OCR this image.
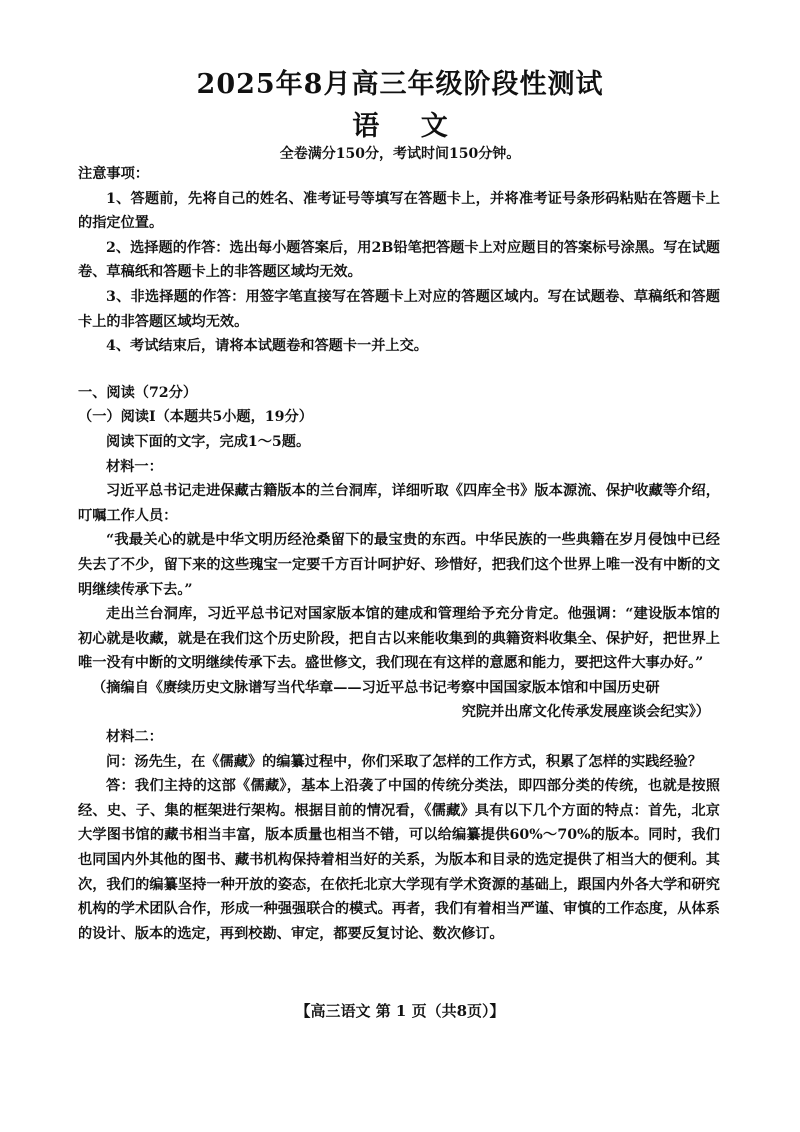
2025年8月高三年级阶段性测试
语 文
全卷满分150分，考试时间150分钟。

注意事项：

1、答题前，先将自己的姓名、准考证号等填写在答题卡上，并将准考证号条形码粘贴在答题卡上的指定位置。

2、选择题的作答：选出每小题答案后，用2B铅笔把答题卡上对应题目的答案标号涂黑。写在试题卷、草稿纸和答题卡上的非答题区域均无效。

3、非选择题的作答：用签字笔直接写在答题卡上对应的答题区域内。写在试题卷、草稿纸和答题卡上的非答题区域均无效。

4、考试结束后，请将本试题卷和答题卡一并上交。

一、阅读（72分）

（一）阅读Ⅰ（本题共5小题，19分）

阅读下面的文字，完成1～5题。

材料一：

习近平总书记走进保藏古籍版本的兰台洞库，详细听取《四库全书》版本源流、保护收藏等介绍，叮嘱工作人员：

“我最关心的就是中华文明历经沧桑留下的最宝贵的东西。中华民族的一些典籍在岁月侵蚀中已经失去了不少，留下来的这些瑰宝一定要千方百计呵护好、珍惜好，把我们这个世界上唯一没有中断的文明继续传承下去。”

走出兰台洞库，习近平总书记对国家版本馆的建成和管理给予充分肯定。他强调：“建设版本馆的初心就是收藏，就是在我们这个历史阶段，把自古以来能收集到的典籍资料收集全、保护好，把世界上唯一没有中断的文明继续传承下去。盛世修文，我们现在有这样的意愿和能力，要把这件大事办好。”

（摘编自《赓续历史文脉谱写当代华章——习近平总书记考察中国国家版本馆和中国历史研

究院并出席文化传承发展座谈会纪实》）

材料二：

问：汤先生，在《儒藏》的编纂过程中，你们采取了怎样的工作方式，积累了怎样的实践经验？

答：我们主持的这部《儒藏》，基本上沿袭了中国的传统分类法，即四部分类的传统，也就是按照经、史、子、集的框架进行架构。根据目前的情况看，《儒藏》具有以下几个方面的特点：首先，北京大学图书馆的藏书相当丰富，版本质量也相当不错，可以给编纂提供60%～70%的版本。同时，我们也同国内外其他的图书、藏书机构保持着相当好的关系，为版本和目录的选定提供了相当大的便利。其次，我们的编纂坚持一种开放的姿态，在依托北京大学现有学术资源的基础上，跟国内外各大学和研究机构的学术团队合作，形成一种强强联合的模式。再者，我们有着相当严谨、审慎的工作态度，从体系的设计、版本的选定，再到校勘、审定，都要反复讨论、数次修订。

【高三语文 第 1 页（共8页）】
